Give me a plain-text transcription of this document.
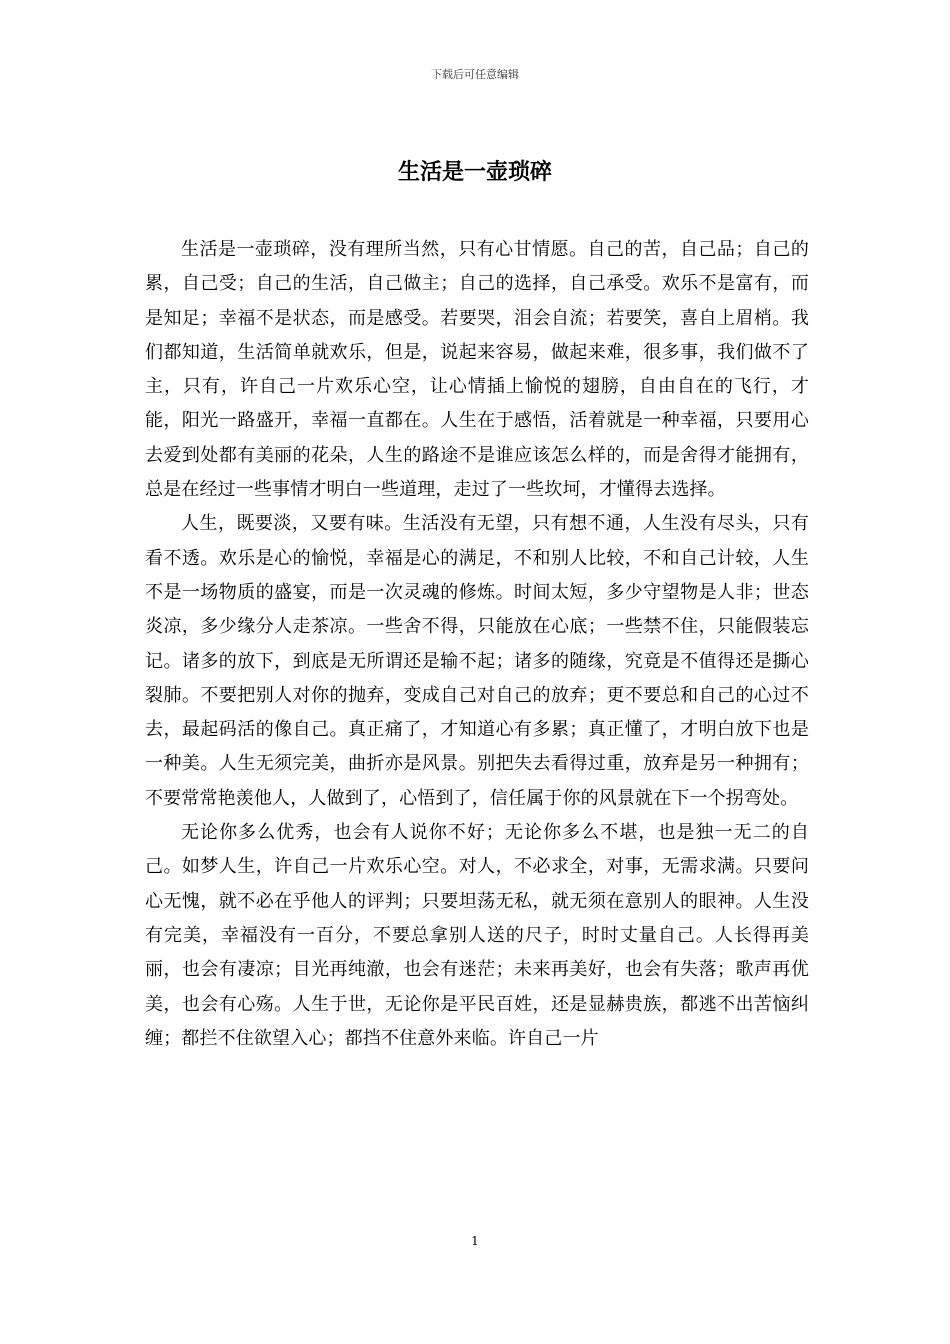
下载后可任意编辑
生活是一壶琐碎

生活是一壶琐碎，没有理所当然，只有心甘情愿。自己的苦，自己品；自己的累，自己受；自己的生活，自己做主；自己的选择，自己承受。欢乐不是富有，而是知足；幸福不是状态，而是感受。若要哭，泪会自流；若要笑，喜自上眉梢。我们都知道，生活简单就欢乐，但是，说起来容易，做起来难，很多事，我们做不了主，只有，许自己一片欢乐心空，让心情插上愉悦的翅膀，自由自在的飞行，才能，阳光一路盛开，幸福一直都在。人生在于感悟，活着就是一种幸福，只要用心去爱到处都有美丽的花朵，人生的路途不是谁应该怎么样的，而是舍得才能拥有，总是在经过一些事情才明白一些道理，走过了一些坎坷，才懂得去选择。

人生，既要淡，又要有味。生活没有无望，只有想不通，人生没有尽头，只有看不透。欢乐是心的愉悦，幸福是心的满足，不和别人比较，不和自己计较，人生不是一场物质的盛宴，而是一次灵魂的修炼。时间太短，多少守望物是人非；世态炎凉，多少缘分人走茶凉。一些舍不得，只能放在心底；一些禁不住，只能假装忘记。诸多的放下，到底是无所谓还是输不起；诸多的随缘，究竟是不值得还是撕心裂肺。不要把别人对你的抛弃，变成自己对自己的放弃；更不要总和自己的心过不去，最起码活的像自己。真正痛了，才知道心有多累；真正懂了，才明白放下也是一种美。人生无须完美，曲折亦是风景。别把失去看得过重，放弃是另一种拥有；不要常常艳羡他人，人做到了，心悟到了，信任属于你的风景就在下一个拐弯处。

无论你多么优秀，也会有人说你不好；无论你多么不堪，也是独一无二的自己。如梦人生，许自己一片欢乐心空。对人，不必求全，对事，无需求满。只要问心无愧，就不必在乎他人的评判；只要坦荡无私，就无须在意别人的眼神。人生没有完美，幸福没有一百分，不要总拿别人送的尺子，时时丈量自己。人长得再美丽，也会有凄凉；目光再纯澈，也会有迷茫；未来再美好，也会有失落；歌声再优美，也会有心殇。人生于世，无论你是平民百姓，还是显赫贵族，都逃不出苦恼纠缠；都拦不住欲望入心；都挡不住意外来临。许自己一片

1
